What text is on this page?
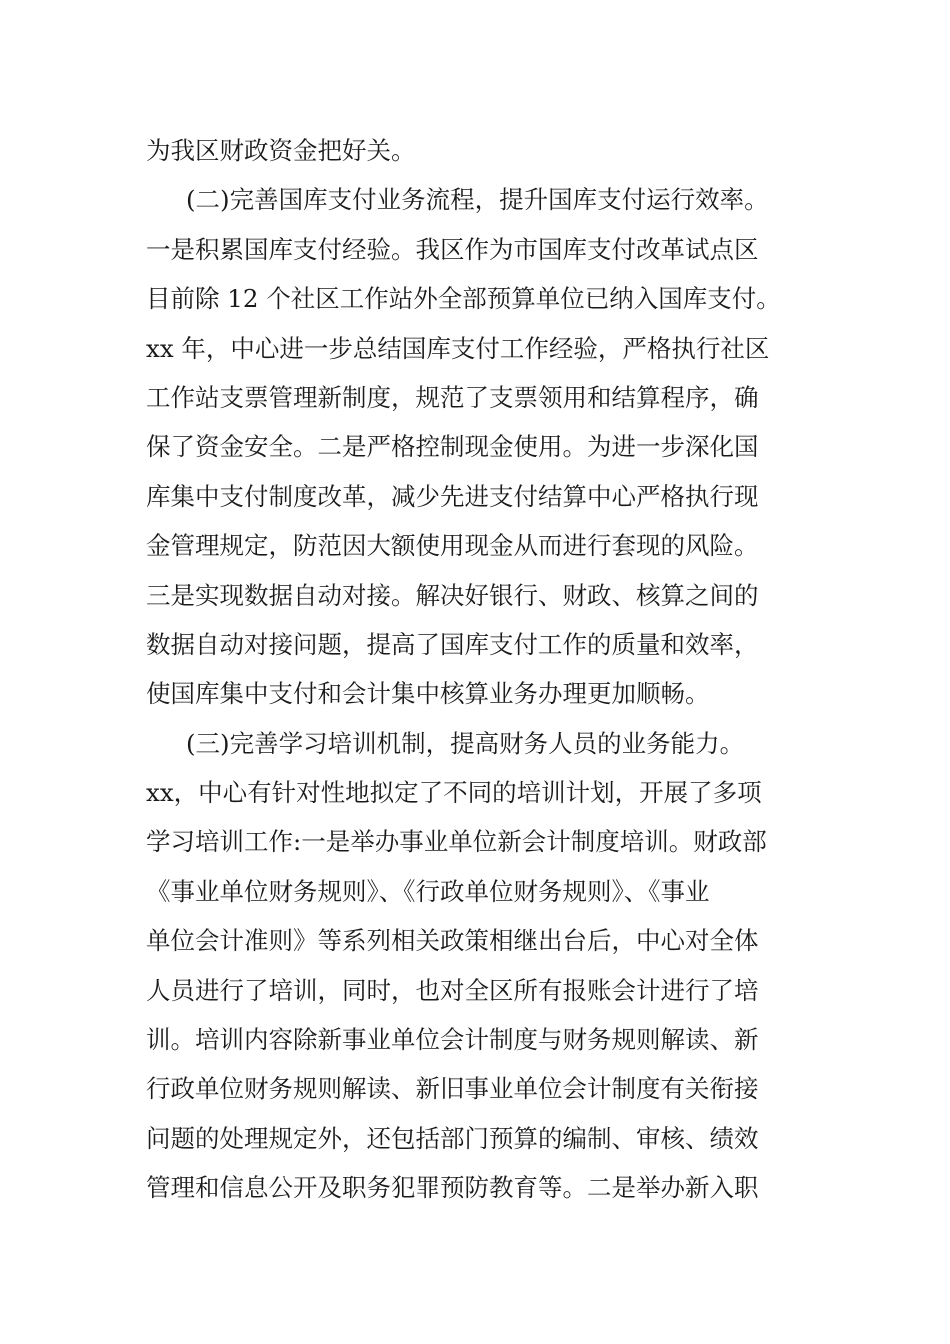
为我区财政资金把好关。
(二)完善国库支付业务流程，提升国库支付运行效率。
一是积累国库支付经验。我区作为市国库支付改革试点区
目前除 12 个社区工作站外全部预算单位已纳入国库支付。
xx 年，中心进一步总结国库支付工作经验，严格执行社区
工作站支票管理新制度，规范了支票领用和结算程序，确
保了资金安全。二是严格控制现金使用。为进一步深化国
库集中支付制度改革，减少先进支付结算中心严格执行现
金管理规定，防范因大额使用现金从而进行套现的风险。
三是实现数据自动对接。解决好银行、财政、核算之间的
数据自动对接问题，提高了国库支付工作的质量和效率，
使国库集中支付和会计集中核算业务办理更加顺畅。
(三)完善学习培训机制，提高财务人员的业务能力。
xx，中心有针对性地拟定了不同的培训计划，开展了多项
学习培训工作:一是举办事业单位新会计制度培训。财政部
《事业单位财务规则》、《行政单位财务规则》、《事业
单位会计准则》等系列相关政策相继出台后，中心对全体
人员进行了培训，同时，也对全区所有报账会计进行了培
训。培训内容除新事业单位会计制度与财务规则解读、新
行政单位财务规则解读、新旧事业单位会计制度有关衔接
问题的处理规定外，还包括部门预算的编制、审核、绩效
管理和信息公开及职务犯罪预防教育等。二是举办新入职
